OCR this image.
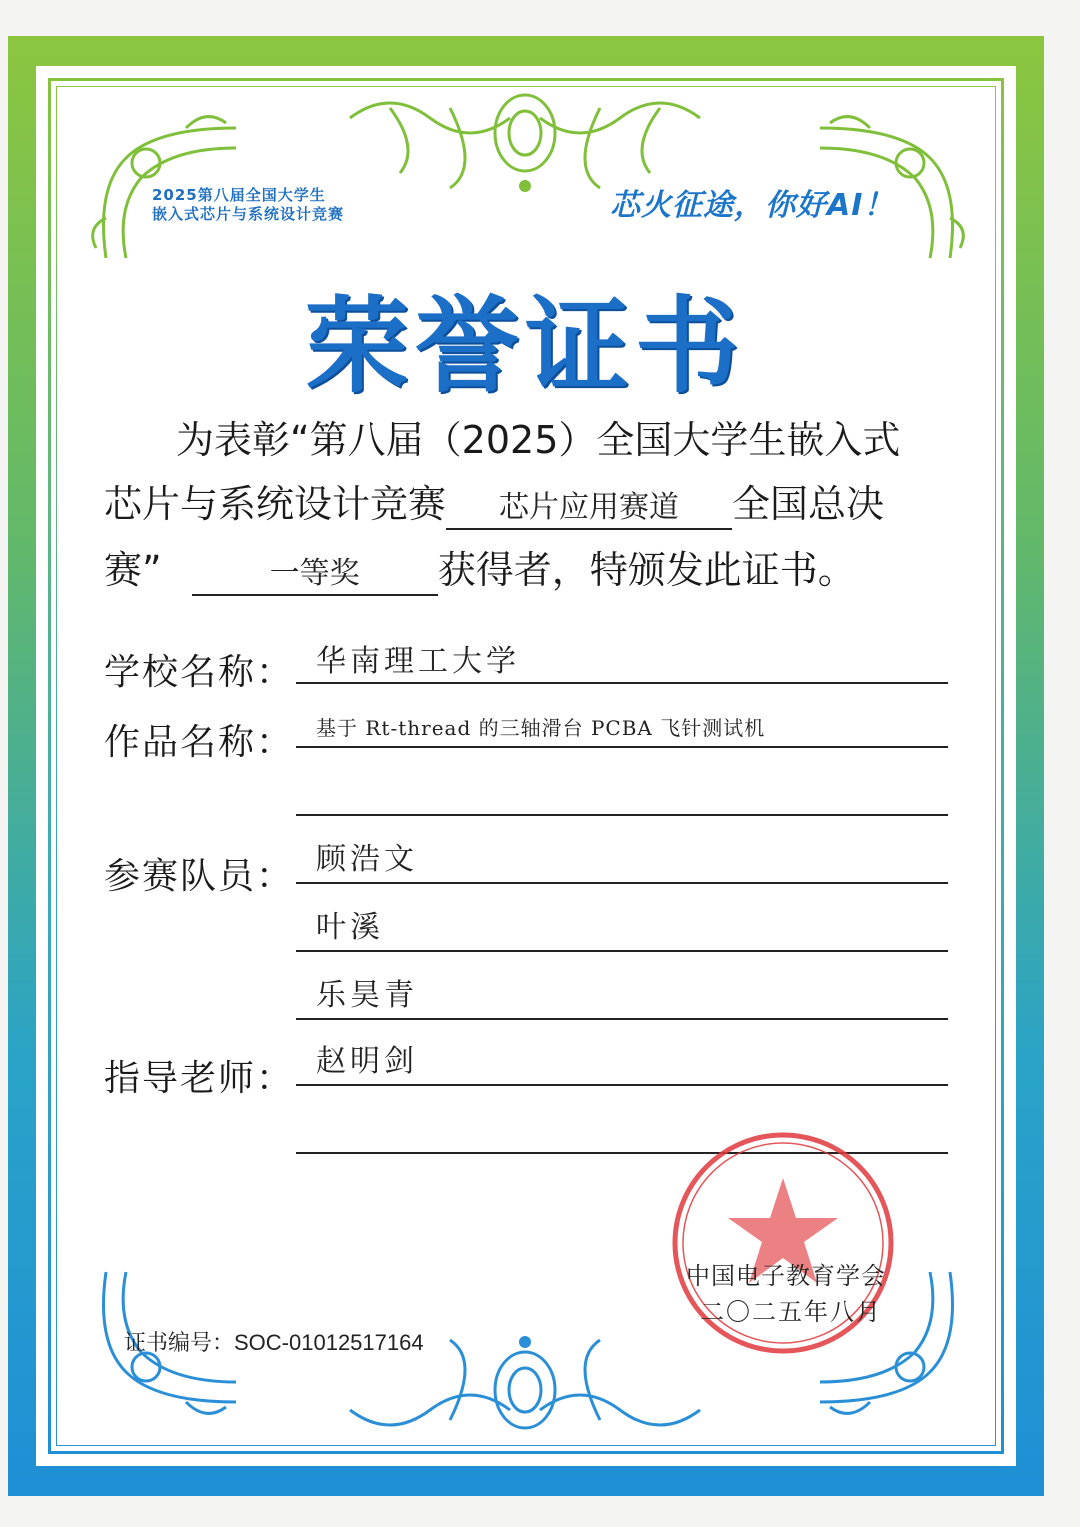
2025第八届全国大学生
嵌入式芯片与系统设计竞赛	芯火征途，你好AI！
荣誉证书
为表彰“第八届（2025）全国大学生嵌入式
芯片与系统设计竞赛 芯片应用赛道 全国总决
赛”	一等奖 获得者，特颁发此证书。
学校名称： 华南理工大学
作品名称： 基于 Rt-thread 的三轴滑台 PCBA 飞针测试机
参赛队员： 顾浩文
叶溪
乐昊青
指导老师： 赵明剑
证书编号：SOC-01012517164
中国电子教育学会
二〇二五年八月
